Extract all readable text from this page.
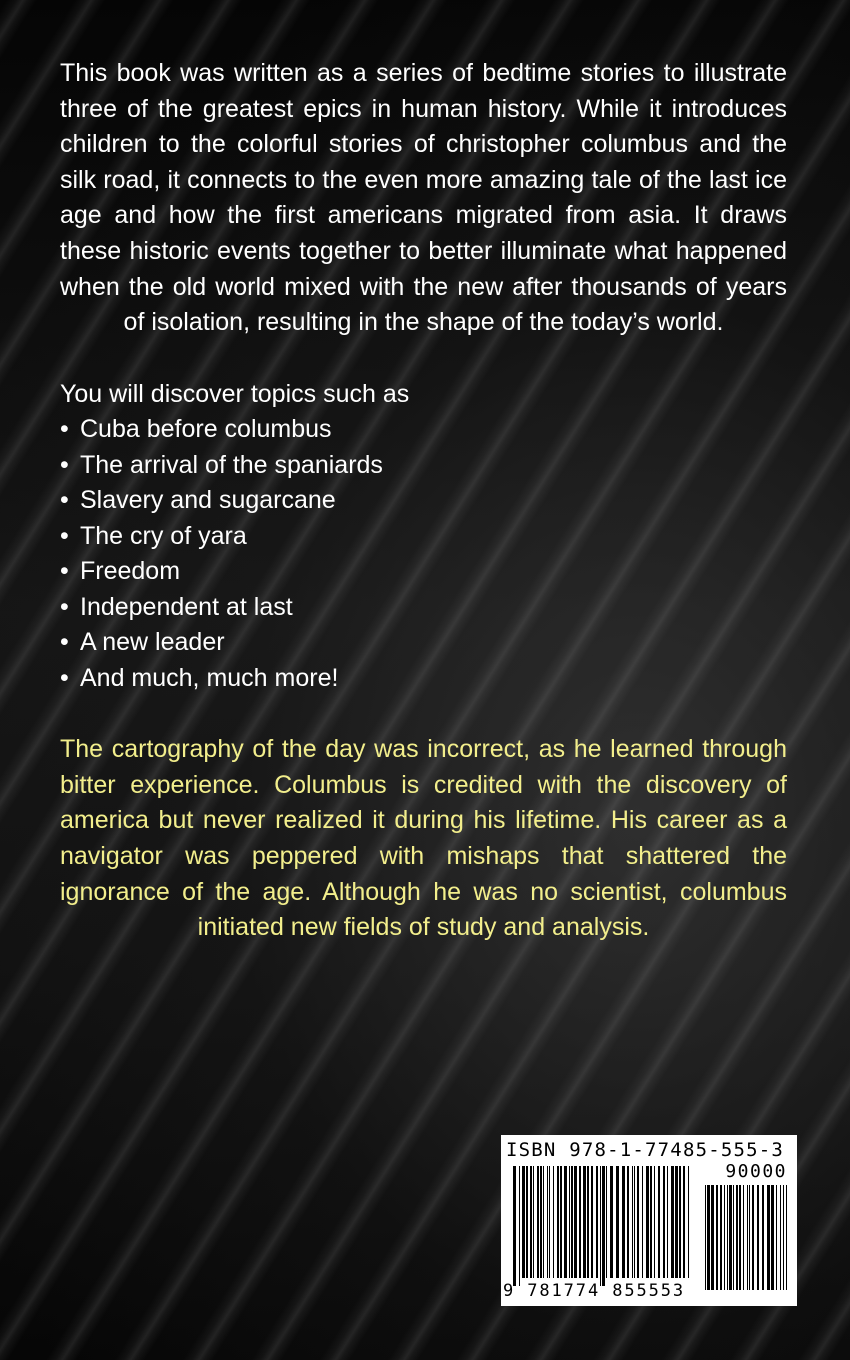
This book was written as a series of bedtime stories to illustrate three of the greatest epics in human history. While it introduces children to the colorful stories of christopher columbus and the silk road, it connects to the even more amazing tale of the last ice age and how the first americans migrated from asia. It draws these historic events together to better illuminate what happened when the old world mixed with the new after thousands of years of isolation, resulting in the shape of the today’s world.

You will discover topics such as

• Cuba before columbus
• The arrival of the spaniards
• Slavery and sugarcane
• The cry of yara
• Freedom
• Independent at last
• A new leader
• And much, much more!

The cartography of the day was incorrect, as he learned through bitter experience. Columbus is credited with the discovery of america but never realized it during his lifetime. His career as a navigator was peppered with mishaps that shattered the ignorance of the age. Although he was no scientist, columbus initiated new fields of study and analysis.

ISBN 978-1-77485-555-3
90000
9 781774 855553
